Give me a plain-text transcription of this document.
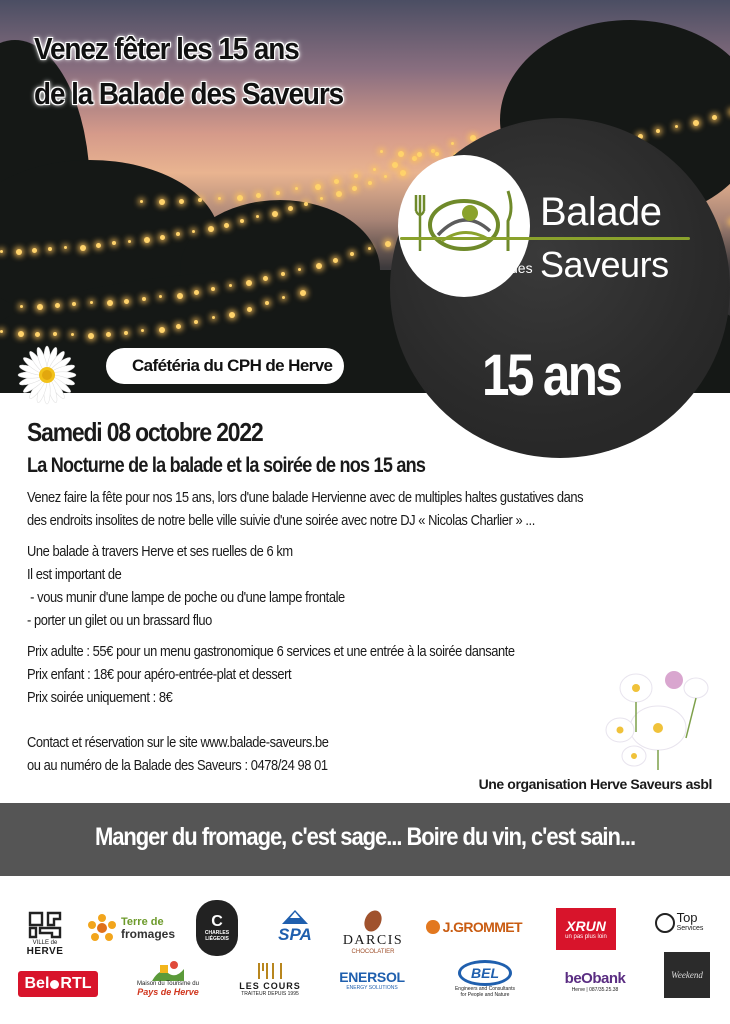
Venez fêter les 15 ans
de la Balade des Saveurs
Balade
des Saveurs
15 ans
Cafétéria du CPH de Herve
Samedi 08 octobre 2022
La Nocturne de la balade et la soirée de nos 15 ans
Venez faire la fête pour nos 15 ans, lors d'une balade Hervienne avec de multiples haltes gustatives dans
des endroits insolites de notre belle ville suivie d'une soirée avec notre DJ « Nicolas Charlier » ...
Une balade à travers Herve et ses ruelles de 6 km
Il est important de
- vous munir d'une lampe de poche ou d'une lampe frontale
- porter un gilet ou un brassard fluo
Prix adulte : 55€ pour un menu gastronomique 6 services et une entrée à la soirée dansante
Prix enfant : 18€ pour apéro-entrée-plat et dessert
Prix soirée uniquement : 8€
Contact et réservation sur le site www.balade-saveurs.be
ou au numéro de la Balade des Saveurs : 0478/24 98 01
Une organisation Herve Saveurs asbl
Manger du fromage, c'est sage... Boire du vin, c'est sain...
VILLE de
HERVE
Terre de
fromages
C
CHARLES
LIÉGEOIS	SPA DARCIS
CHOCOLATIER
J.GROMMET	XRUN
un pas plus loin
Top
Services
Bel RTL	Maison du Tourisme du
Pays de Herve
LES COURS
TRAITEUR DEPUIS 1995
ENERSOL
ENERGY SOLUTIONS
BEL
Engineers and Consultants
for People and Nature
beObank
Herve | 087/35.25.38
Weekend
